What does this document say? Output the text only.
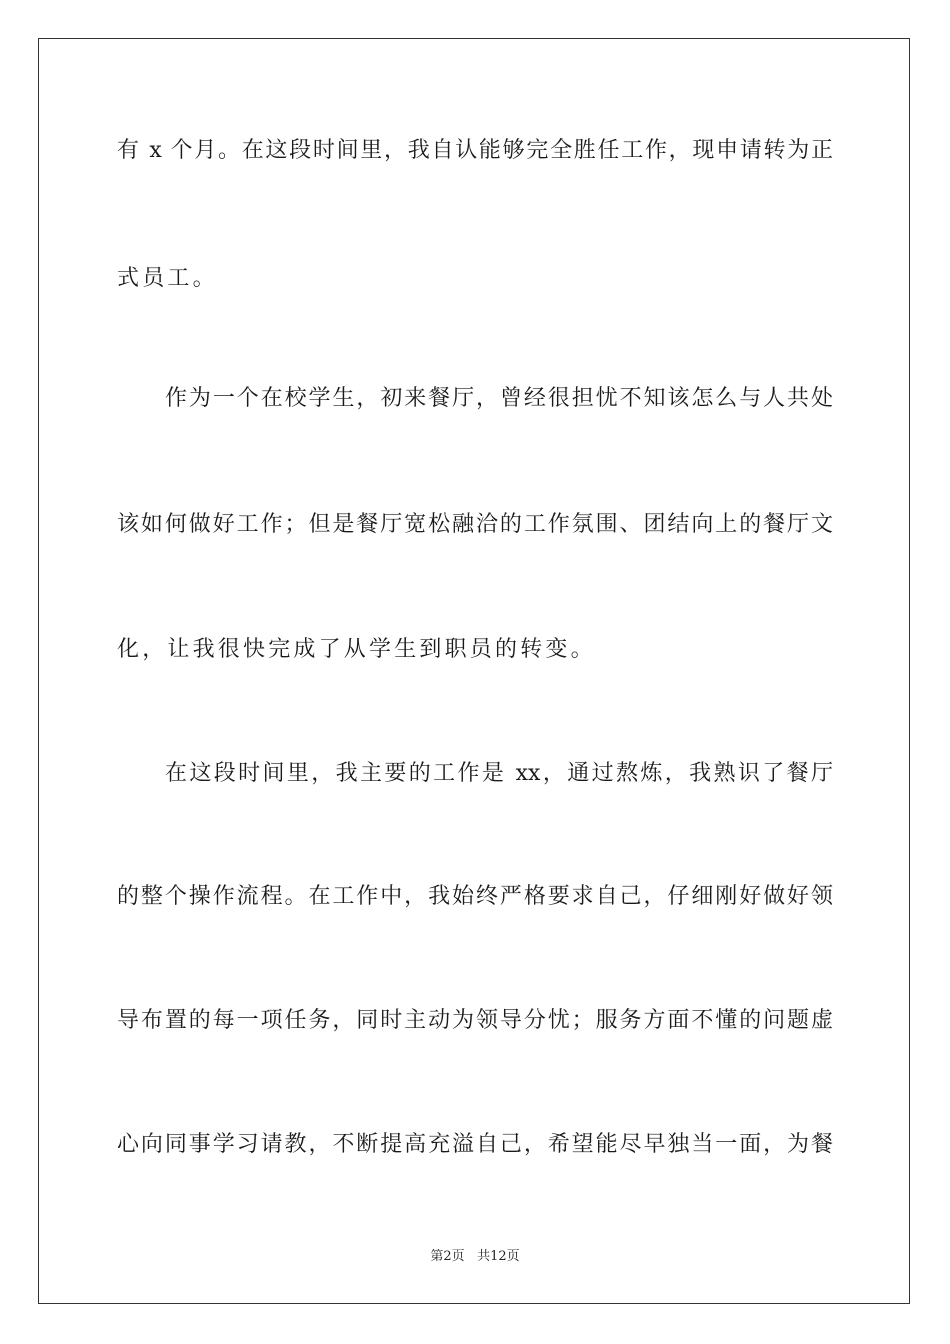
有 x 个月。在这段时间里，我自认能够完全胜任工作，现申请转为正
式员工。
作为一个在校学生，初来餐厅，曾经很担忧不知该怎么与人共处
该如何做好工作；但是餐厅宽松融洽的工作氛围、团结向上的餐厅文
化，让我很快完成了从学生到职员的转变。
在这段时间里，我主要的工作是 xx，通过熬炼，我熟识了餐厅
的整个操作流程。在工作中，我始终严格要求自己，仔细刚好做好领
导布置的每一项任务，同时主动为领导分忧；服务方面不懂的问题虚
心向同事学习请教，不断提高充溢自己，希望能尽早独当一面，为餐
第2页 共12页
